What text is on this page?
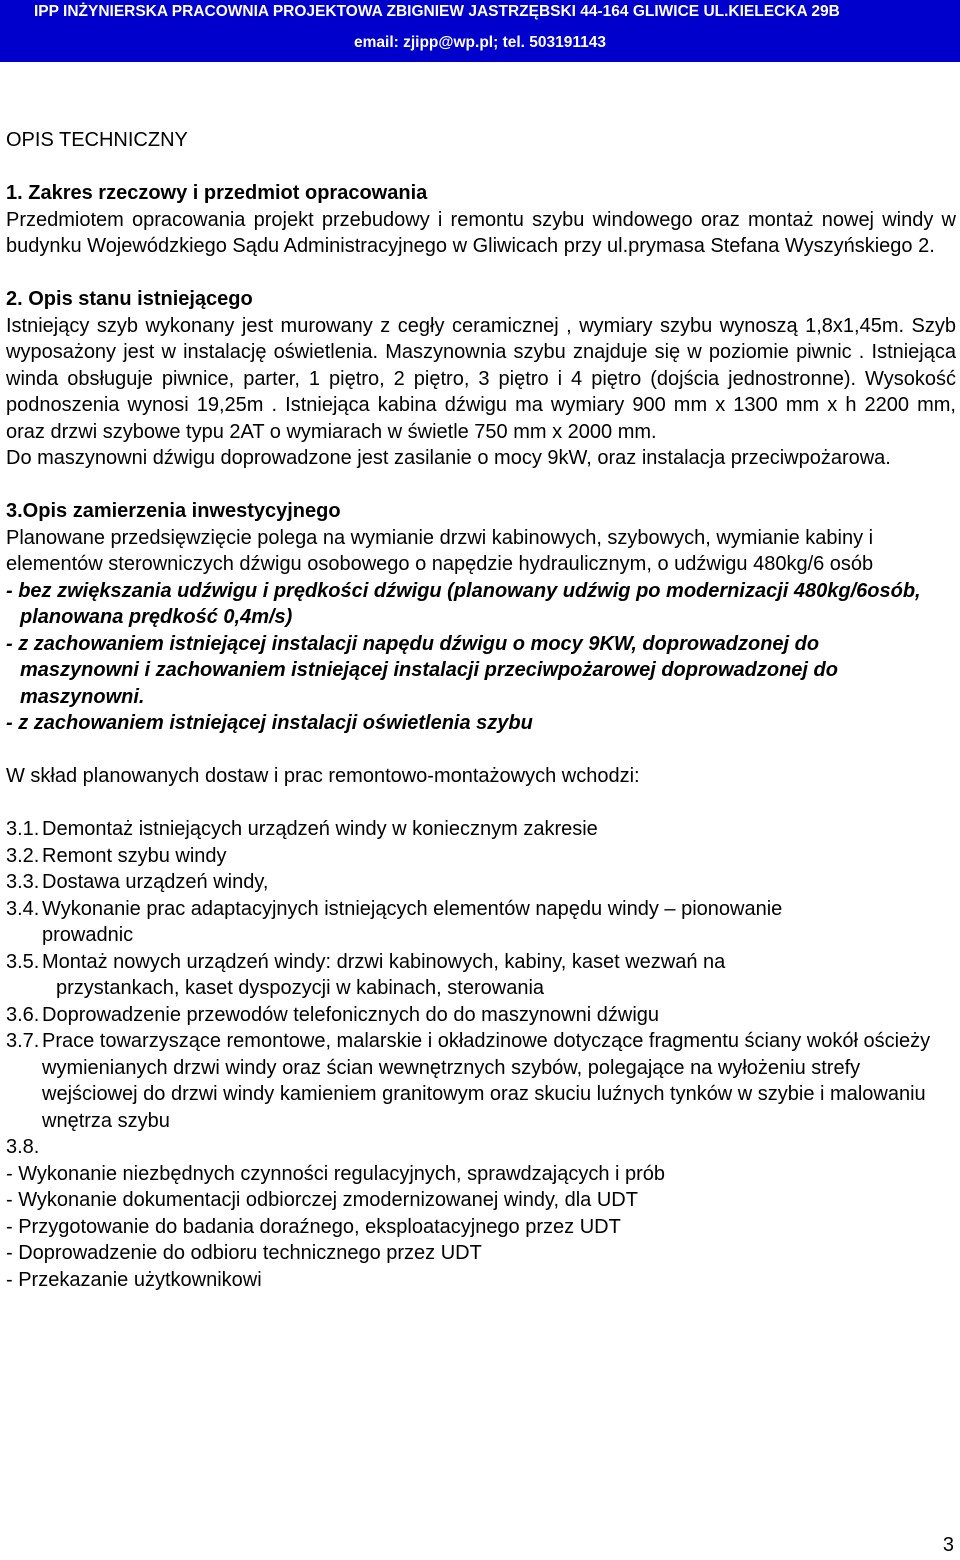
IPP INŻYNIERSKA PRACOWNIA PROJEKTOWA ZBIGNIEW JASTRZĘBSKI 44-164 GLIWICE UL.KIELECKA 29B
email: zjipp@wp.pl; tel. 503191143

OPIS TECHNICZNY

1. Zakres rzeczowy i przedmiot opracowania

Przedmiotem opracowania projekt przebudowy i remontu szybu windowego oraz montaż nowej windy w budynku Wojewódzkiego Sądu Administracyjnego w Gliwicach przy ul.prymasa Stefana Wyszyńskiego 2.

2. Opis stanu istniejącego

Istniejący szyb wykonany jest murowany z cegły ceramicznej , wymiary szybu wynoszą 1,8x1,45m. Szyb wyposażony jest w instalację oświetlenia. Maszynownia szybu znajduje się w poziomie piwnic . Istniejąca winda obsługuje piwnice, parter, 1 piętro, 2 piętro, 3 piętro i 4 piętro (dojścia jednostronne). Wysokość podnoszenia wynosi 19,25m . Istniejąca kabina dźwigu ma wymiary 900 mm x 1300 mm x h 2200 mm, oraz drzwi szybowe typu 2AT o wymiarach w świetle 750 mm x 2000 mm.

Do maszynowni dźwigu doprowadzone jest zasilanie o mocy 9kW, oraz instalacja przeciwpożarowa.

3.Opis zamierzenia inwestycyjnego

Planowane przedsięwzięcie polega na wymianie drzwi kabinowych, szybowych, wymianie kabiny i elementów sterowniczych dźwigu osobowego o napędzie hydraulicznym, o udźwigu 480kg/6 osób

- bez zwiększania udźwigu i prędkości dźwigu (planowany udźwig po modernizacji 480kg/6osób,

planowana prędkość 0,4m/s)

- z zachowaniem istniejącej instalacji napędu dźwigu o mocy 9KW, doprowadzonej do

maszynowni i zachowaniem istniejącej instalacji przeciwpożarowej doprowadzonej do

maszynowni.

- z zachowaniem istniejącej instalacji oświetlenia szybu

W skład planowanych dostaw i prac remontowo-montażowych wchodzi:

3.1. Demontaż istniejących urządzeń windy w koniecznym zakresie
3.2. Remont szybu windy
3.3. Dostawa urządzeń windy,
3.4. Wykonanie prac adaptacyjnych istniejących elementów napędu windy – pionowanie
prowadnic
3.5. Montaż nowych urządzeń windy: drzwi kabinowych, kabiny, kaset wezwań na
przystankach, kaset dyspozycji w kabinach, sterowania
3.6. Doprowadzenie przewodów telefonicznych do do maszynowni dźwigu
3.7. Prace towarzyszące remontowe, malarskie i okładzinowe dotyczące fragmentu ściany wokół ościeży wymienianych drzwi windy oraz ścian wewnętrznych szybów, polegające na wyłożeniu strefy wejściowej do drzwi windy kamieniem granitowym oraz skuciu luźnych tynków w szybie i malowaniu wnętrza szybu
3.8.

- Wykonanie niezbędnych czynności regulacyjnych, sprawdzających i prób
- Wykonanie dokumentacji odbiorczej zmodernizowanej windy, dla UDT
- Przygotowanie do badania doraźnego, eksploatacyjnego przez UDT
- Doprowadzenie do odbioru technicznego przez UDT
- Przekazanie użytkownikowi
3
